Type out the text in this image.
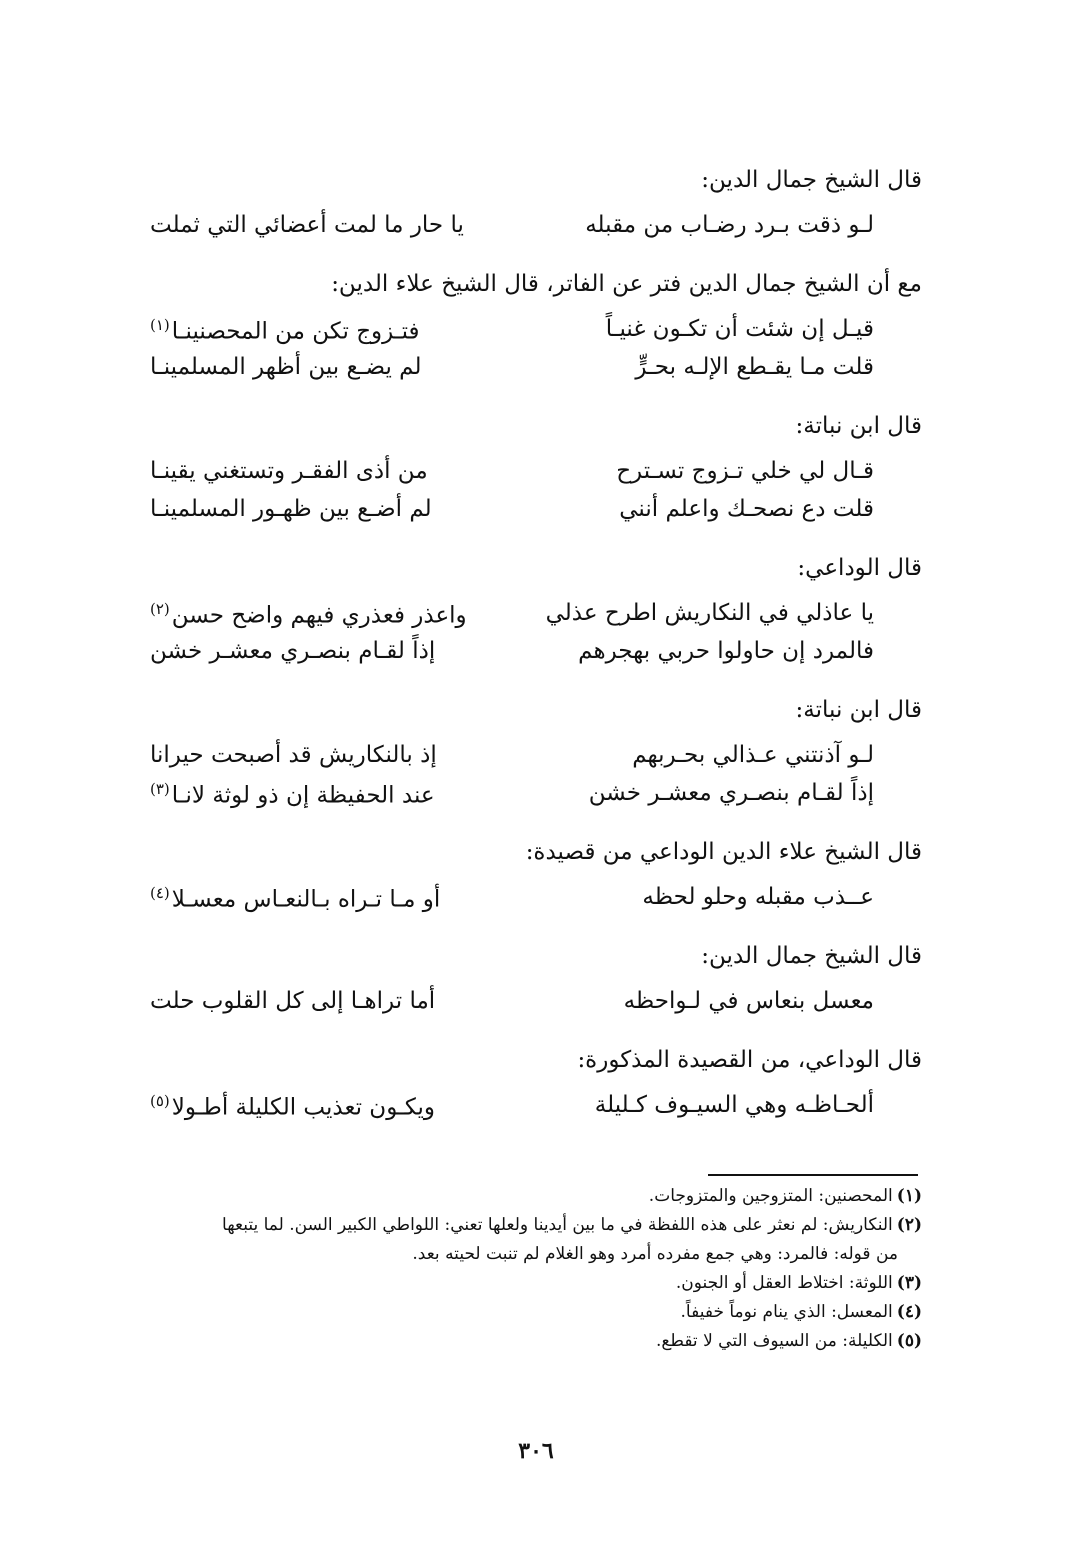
قال الشيخ جمال الدين:

لـو ذقت بـرد رضـاب من مقبله
يا حار ما لمت أعضائي التي ثملت

مع أن الشيخ جمال الدين فتر عن الفاتر، قال الشيخ علاء الدين:

قيـل إن شئت أن تكـون غنيـاً
فتـزوج تكن من المحصنينـا$^{(١)}$
قلت مـا يقـطع الإلـه بحـرٍّ
لم يضـع بين أظهر المسلمينـا

قال ابن نباتة:

قـال لي خلي تـزوج تسـترح
من أذى الفقـر وتستغني يقينـا
قلت دع نصحـك واعلم أنني
لم أضـع بين ظهـور المسلمينـا

قال الوداعي:

يا عاذلي في النكاريش اطرح عذلي
واعذر فعذري فيهم واضح حسن$^{(٢)}$
فالمرد إن حاولوا حربي بهجرهم
إذاً لقـام بنصـري معشـر خشن

قال ابن نباتة:

لـو آذنتني عـذالي بحـربهم
إذ بالنكاريش قد أصبحت حيرانا
إذاً لقـام بنصـري معشـر خشن
عند الحفيظة إن ذو لوثة لانـا$^{(٣)}$

قال الشيخ علاء الدين الوداعي من قصيدة:

عــذب مقبله وحلو لحظه
أو مـا تـراه بـالنعـاس معسـلا$^{(٤)}$

قال الشيخ جمال الدين:

معسل بنعاس في لـواحظه
أما تراهـا إلى كل القلوب حلت

قال الوداعي، من القصيدة المذكورة:

ألحـاظـه وهي السيـوف كـليلة
ويكـون تعذيب الكليلة أطـولا$^{(٥)}$

(١)المحصنين: المتزوجين والمتزوجات.

(٢)النكاريش: لم نعثر على هذه اللفظة في ما بين أيدينا ولعلها تعني: اللواطي الكبير السن. لما يتبعها
من قوله: فالمرد: وهي جمع مفرده أمرد وهو الغلام لم تنبت لحيته بعد.

(٣)اللوثة: اختلاط العقل أو الجنون.

(٤)المعسل: الذي ينام نوماً خفيفاً.

(٥)الكليلة: من السيوف التي لا تقطع.

٣٠٦
